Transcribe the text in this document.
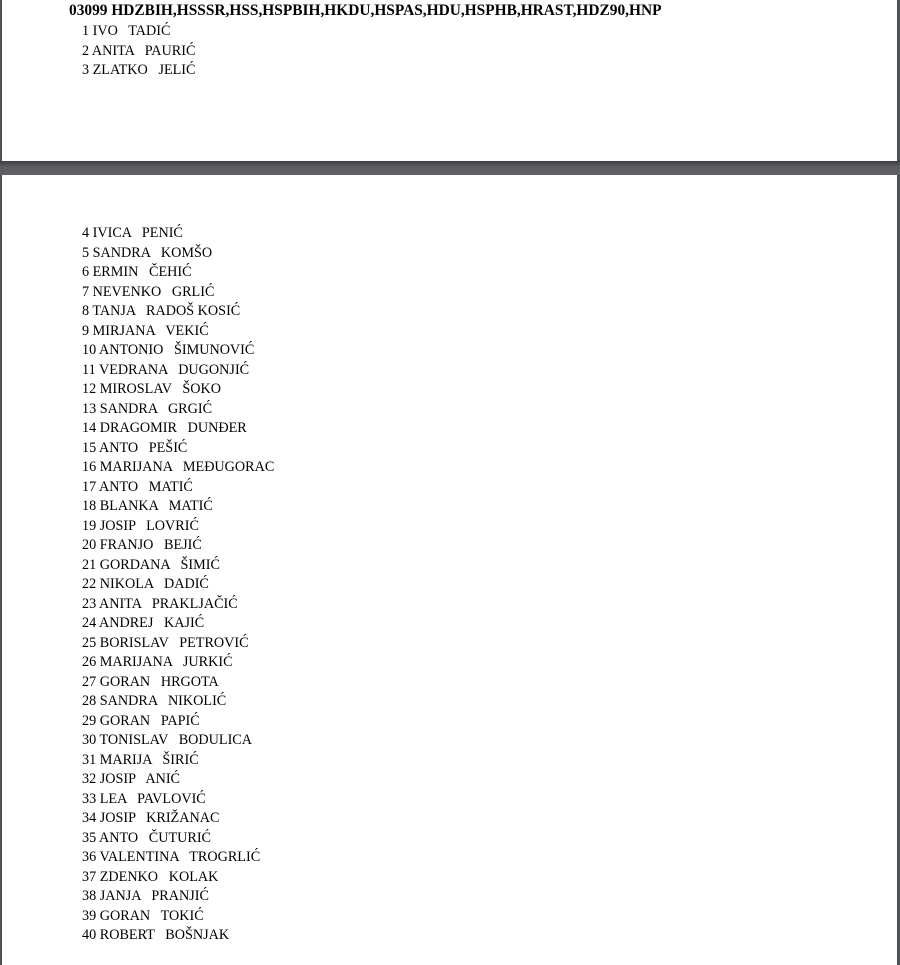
03099 HDZBIH,HSSSR,HSS,HSPBIH,HKDU,HSPAS,HDU,HSPHB,HRAST,HDZ90,HNP
1 IVO TADIĆ
2 ANITA PAURIĆ
3 ZLATKO JELIĆ
4 IVICA PENIĆ
5 SANDRA KOMŠO
6 ERMIN ČEHIĆ
7 NEVENKO GRLIĆ
8 TANJA RADOŠ KOSIĆ
9 MIRJANA VEKIĆ
10 ANTONIO ŠIMUNOVIĆ
11 VEDRANA DUGONJIĆ
12 MIROSLAV ŠOKO
13 SANDRA GRGIĆ
14 DRAGOMIR DUNĐER
15 ANTO PEŠIĆ
16 MARIJANA MEĐUGORAC
17 ANTO MATIĆ
18 BLANKA MATIĆ
19 JOSIP LOVRIĆ
20 FRANJO BEJIĆ
21 GORDANA ŠIMIĆ
22 NIKOLA DADIĆ
23 ANITA PRAKLJAČIĆ
24 ANDREJ KAJIĆ
25 BORISLAV PETROVIĆ
26 MARIJANA JURKIĆ
27 GORAN HRGOTA
28 SANDRA NIKOLIĆ
29 GORAN PAPIĆ
30 TONISLAV BODULICA
31 MARIJA ŠIRIĆ
32 JOSIP ANIĆ
33 LEA PAVLOVIĆ
34 JOSIP KRIŽANAC
35 ANTO ČUTURIĆ
36 VALENTINA TROGRLIĆ
37 ZDENKO KOLAK
38 JANJA PRANJIĆ
39 GORAN TOKIĆ
40 ROBERT BOŠNJAK
